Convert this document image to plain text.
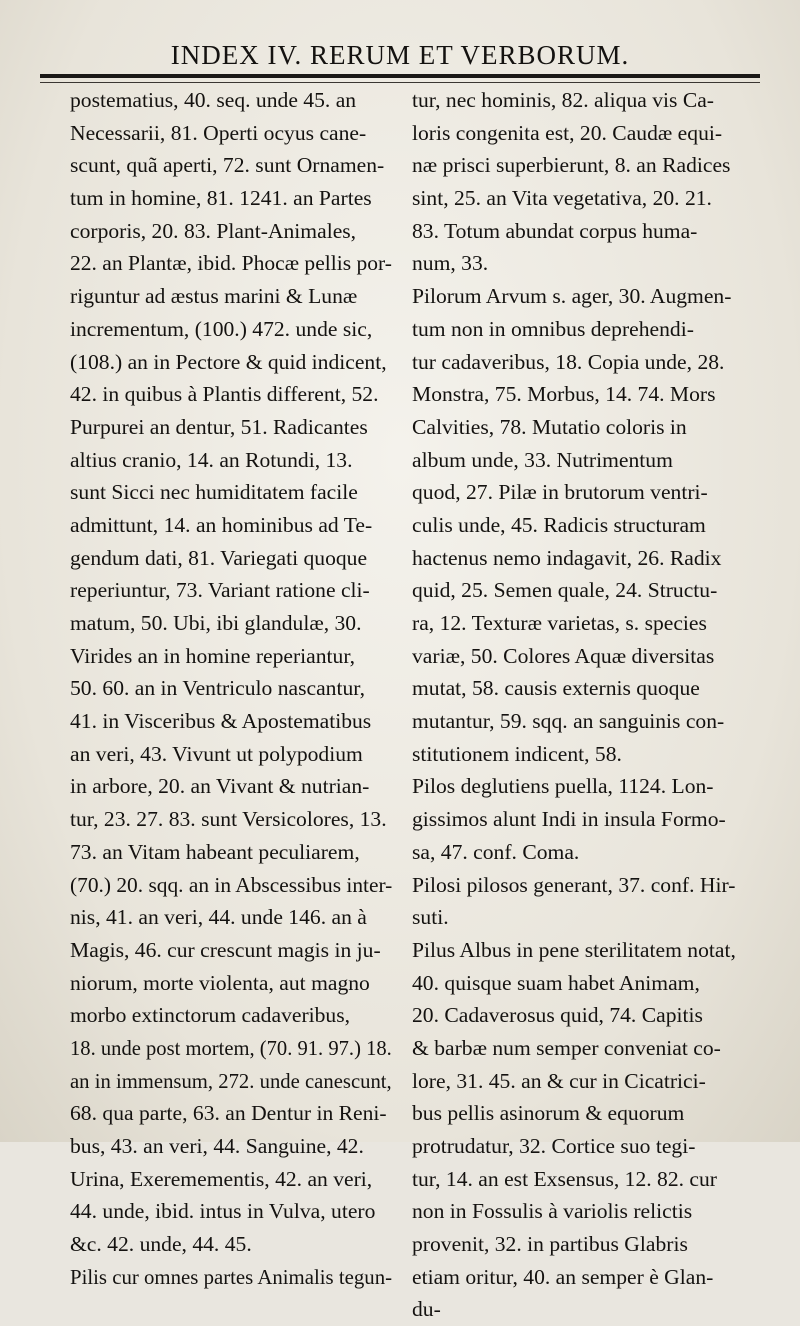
INDEX IV. RERUM ET VERBORUM.
postematius, 40. seq. unde 45. an
Necessarii, 81. Operti ocyus cane-
scunt, quã aperti, 72. sunt Ornamen-
tum in homine, 81. 1241. an Partes
corporis, 20. 83. Plant-Animales,
22. an Plantæ, ibid. Phocæ pellis por-
riguntur ad æstus marini & Lunæ
incrementum, (100.) 472. unde sic,
(108.) an in Pectore & quid indicent,
42. in quibus à Plantis different, 52.
Purpurei an dentur, 51. Radicantes
altius cranio, 14. an Rotundi, 13.
sunt Sicci nec humiditatem facile
admittunt, 14. an hominibus ad Te-
gendum dati, 81. Variegati quoque
reperiuntur, 73. Variant ratione cli-
matum, 50. Ubi, ibi glandulæ, 30.
Virides an in homine reperiantur,
50. 60. an in Ventriculo nascantur,
41. in Visceribus & Apostematibus
an veri, 43. Vivunt ut polypodium
in arbore, 20. an Vivant & nutrian-
tur, 23. 27. 83. sunt Versicolores, 13.
73. an Vitam habeant peculiarem,
(70.) 20. sqq. an in Abscessibus inter-
nis, 41. an veri, 44. unde 146. an à
Magis, 46. cur crescunt magis in ju-
niorum, morte violenta, aut magno
morbo extinctorum cadaveribus,
18. unde post mortem, (70. 91. 97.) 18.
an in immensum, 272. unde canescunt,
68. qua parte, 63. an Dentur in Reni-
bus, 43. an veri, 44. Sanguine, 42.
Urina, Exeremementis, 42. an veri,
44. unde, ibid. intus in Vulva, utero
&c. 42. unde, 44. 45.
Pilis cur omnes partes Animalis tegun-
tur, nec hominis, 82. aliqua vis Ca-
loris congenita est, 20. Caudæ equi-
næ prisci superbierunt, 8. an Radices
sint, 25. an Vita vegetativa, 20. 21.
83. Totum abundat corpus huma-
num, 33.
Pilorum Arvum s. ager, 30. Augmen-
tum non in omnibus deprehendi-
tur cadaveribus, 18. Copia unde, 28.
Monstra, 75. Morbus, 14. 74. Mors
Calvities, 78. Mutatio coloris in
album unde, 33. Nutrimentum
quod, 27. Pilæ in brutorum ventri-
culis unde, 45. Radicis structuram
hactenus nemo indagavit, 26. Radix
quid, 25. Semen quale, 24. Structu-
ra, 12. Texturæ varietas, s. species
variæ, 50. Colores Aquæ diversitas
mutat, 58. causis externis quoque
mutantur, 59. sqq. an sanguinis con-
stitutionem indicent, 58.
Pilos deglutiens puella, 1124. Lon-
gissimos alunt Indi in insula Formo-
sa, 47. conf. Coma.
Pilosi pilosos generant, 37. conf. Hir-
suti.
Pilus Albus in pene sterilitatem notat,
40. quisque suam habet Animam,
20. Cadaverosus quid, 74. Capitis
& barbæ num semper conveniat co-
lore, 31. 45. an & cur in Cicatrici-
bus pellis asinorum & equorum
protrudatur, 32. Cortice suo tegi-
tur, 14. an est Exsensus, 12. 82. cur
non in Fossulis à variolis relictis
provenit, 32. in partibus Glabris
etiam oritur, 40. an semper è Glan-
du-
